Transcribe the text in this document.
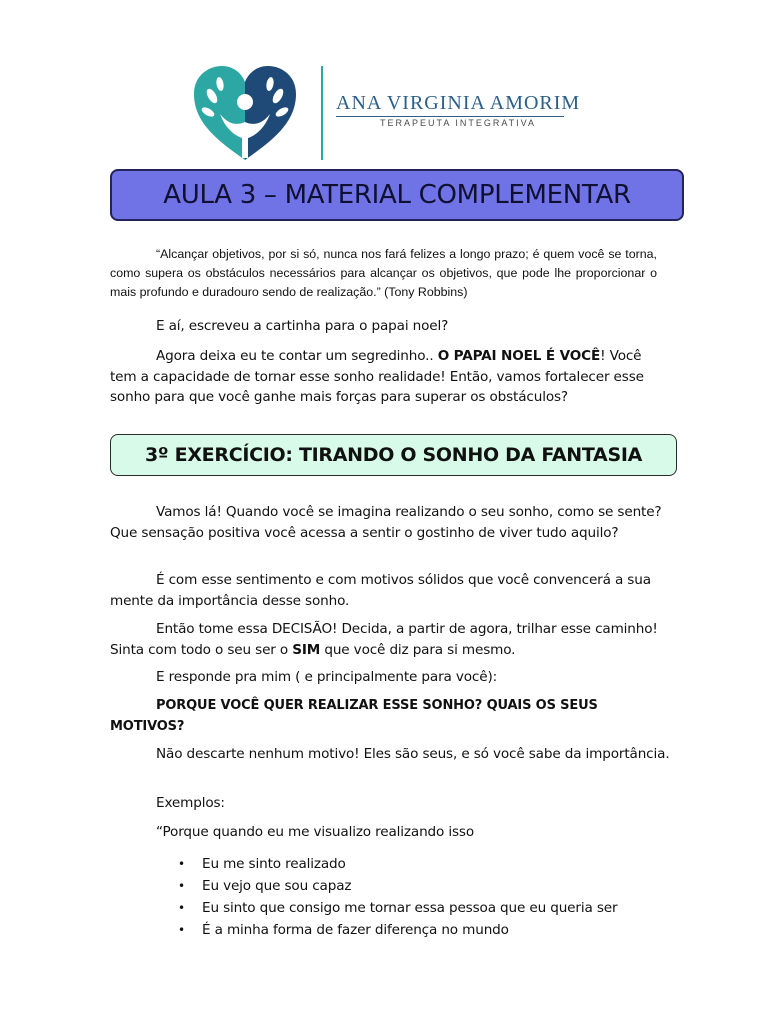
ANA VIRGINIA AMORIM
TERAPEUTA INTEGRATIVA
AULA 3 – MATERIAL COMPLEMENTAR
“Alcançar objetivos, por si só, nunca nos fará felizes a longo prazo; é quem você se torna, como supera os obstáculos necessários para alcançar os objetivos, que pode lhe proporcionar o mais profundo e duradouro sendo de realização.” (Tony Robbins)
E aí, escreveu a cartinha para o papai noel?
Agora deixa eu te contar um segredinho.. O PAPAI NOEL É VOCÊ! Você tem a capacidade de tornar esse sonho realidade! Então, vamos fortalecer esse sonho para que você ganhe mais forças para superar os obstáculos?
3º EXERCÍCIO: TIRANDO O SONHO DA FANTASIA
Vamos lá! Quando você se imagina realizando o seu sonho, como se sente? Que sensação positiva você acessa a sentir o gostinho de viver tudo aquilo?
É com esse sentimento e com motivos sólidos que você convencerá a sua mente da importância desse sonho.
Então tome essa DECISÃO! Decida, a partir de agora, trilhar esse caminho! Sinta com todo o seu ser o SIM que você diz para si mesmo.
E responde pra mim ( e principalmente para você):
PORQUE VOCÊ QUER REALIZAR ESSE SONHO? QUAIS OS SEUS MOTIVOS?
Não descarte nenhum motivo! Eles são seus, e só você sabe da importância.
Exemplos:
“Porque quando eu me visualizo realizando isso
• Eu me sinto realizado
• Eu vejo que sou capaz
• Eu sinto que consigo me tornar essa pessoa que eu queria ser
• É a minha forma de fazer diferença no mundo
